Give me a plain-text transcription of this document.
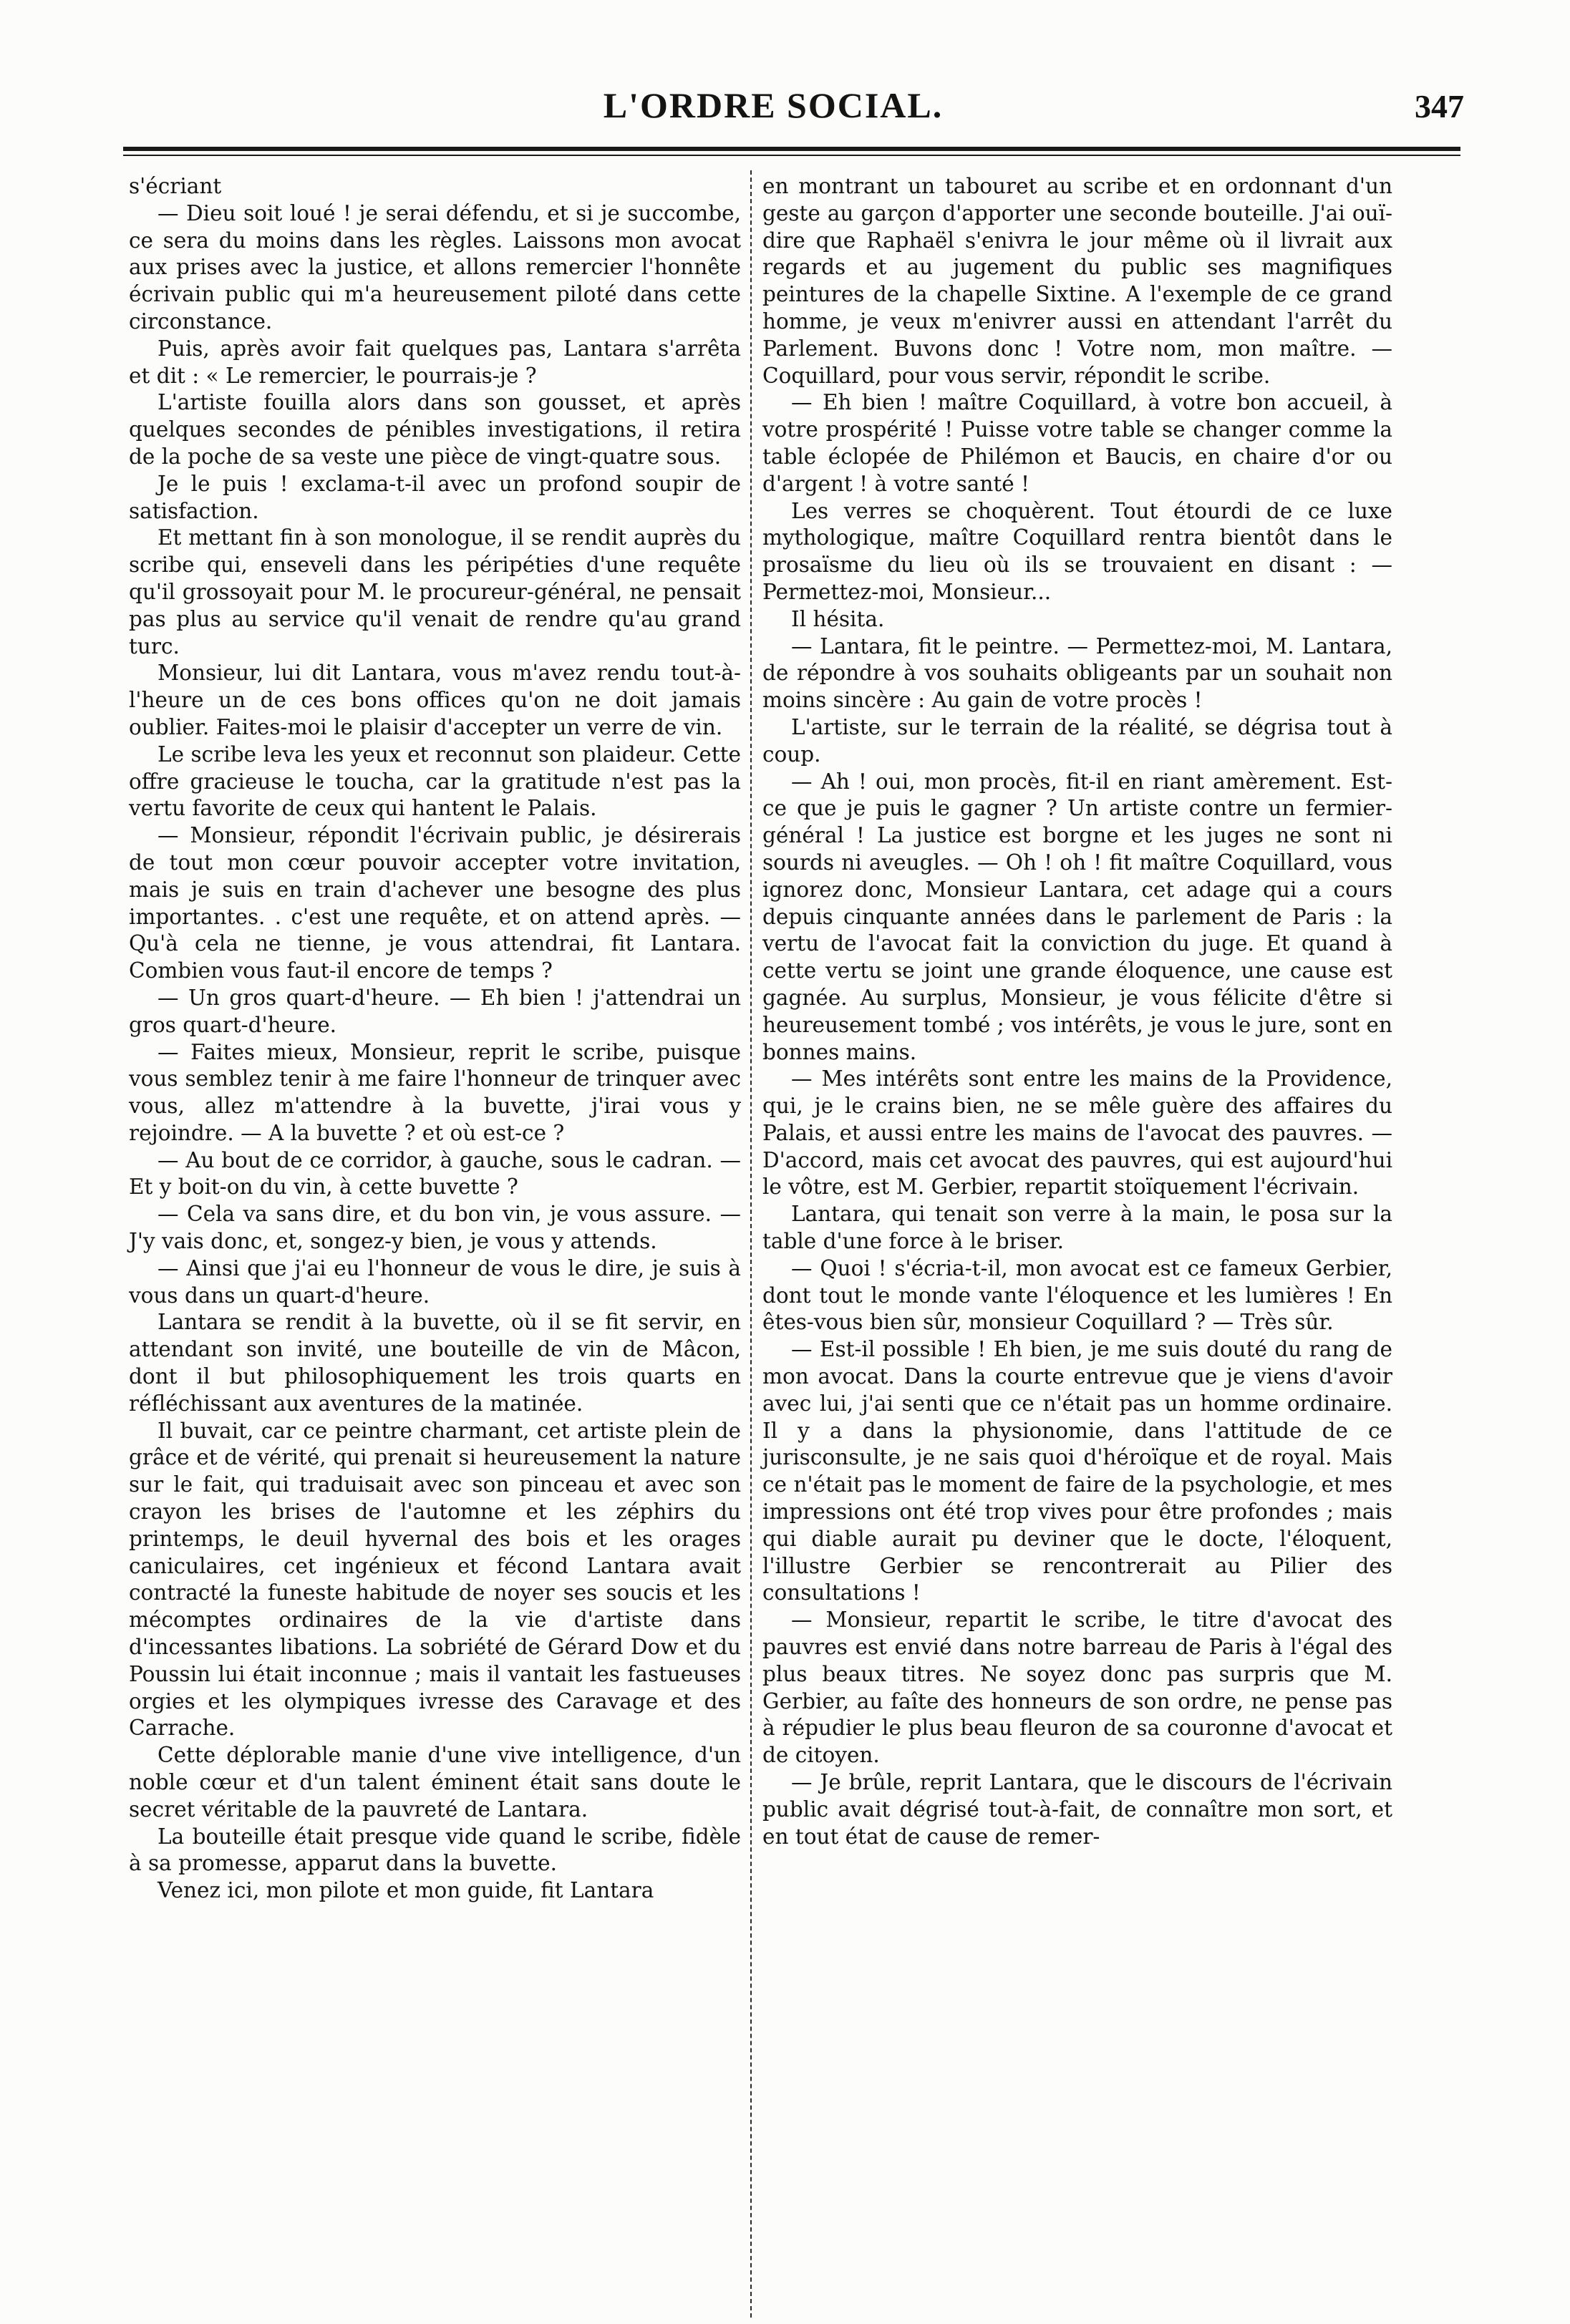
L'ORDRE SOCIAL.	347

s'écriant

— Dieu soit loué ! je serai défendu, et si je succombe, ce sera du moins dans les règles. Laissons mon avocat aux prises avec la justice, et allons remercier l'honnête écrivain public qui m'a heureusement piloté dans cette circonstance.

Puis, après avoir fait quelques pas, Lantara s'arrêta et dit : « Le remercier, le pourrais-je ?

L'artiste fouilla alors dans son gousset, et après quelques secondes de pénibles investigations, il retira de la poche de sa veste une pièce de vingt-quatre sous.

Je le puis ! exclama-t-il avec un profond soupir de satisfaction.

Et mettant fin à son monologue, il se rendit auprès du scribe qui, enseveli dans les péripéties d'une requête qu'il grossoyait pour M. le procureur-général, ne pensait pas plus au service qu'il venait de rendre qu'au grand turc.

Monsieur, lui dit Lantara, vous m'avez rendu tout-à-l'heure un de ces bons offices qu'on ne doit jamais oublier. Faites-moi le plaisir d'accepter un verre de vin.

Le scribe leva les yeux et reconnut son plaideur. Cette offre gracieuse le toucha, car la gratitude n'est pas la vertu favorite de ceux qui hantent le Palais.

— Monsieur, répondit l'écrivain public, je désirerais de tout mon cœur pouvoir accepter votre invitation, mais je suis en train d'achever une besogne des plus importantes. . c'est une requête, et on attend après. — Qu'à cela ne tienne, je vous attendrai, fit Lantara. Combien vous faut-il encore de temps ?

— Un gros quart-d'heure. — Eh bien ! j'attendrai un gros quart-d'heure.

— Faites mieux, Monsieur, reprit le scribe, puisque vous semblez tenir à me faire l'honneur de trinquer avec vous, allez m'attendre à la buvette, j'irai vous y rejoindre. — A la buvette ? et où est-ce ?

— Au bout de ce corridor, à gauche, sous le cadran. — Et y boit-on du vin, à cette buvette ?

— Cela va sans dire, et du bon vin, je vous assure. — J'y vais donc, et, songez-y bien, je vous y attends.

— Ainsi que j'ai eu l'honneur de vous le dire, je suis à vous dans un quart-d'heure.

Lantara se rendit à la buvette, où il se fit servir, en attendant son invité, une bouteille de vin de Mâcon, dont il but philosophiquement les trois quarts en réfléchissant aux aventures de la matinée.

Il buvait, car ce peintre charmant, cet artiste plein de grâce et de vérité, qui prenait si heureusement la nature sur le fait, qui traduisait avec son pinceau et avec son crayon les brises de l'automne et les zéphirs du printemps, le deuil hyvernal des bois et les orages caniculaires, cet ingénieux et fécond Lantara avait contracté la funeste habitude de noyer ses soucis et les mécomptes ordinaires de la vie d'artiste dans d'incessantes libations. La sobriété de Gérard Dow et du Poussin lui était inconnue ; mais il vantait les fastueuses orgies et les olympiques ivresse des Caravage et des Carrache.

Cette déplorable manie d'une vive intelligence, d'un noble cœur et d'un talent éminent était sans doute le secret véritable de la pauvreté de Lantara.

La bouteille était presque vide quand le scribe, fidèle à sa promesse, apparut dans la buvette.

Venez ici, mon pilote et mon guide, fit Lantara

en montrant un tabouret au scribe et en ordonnant d'un geste au garçon d'apporter une seconde bouteille. J'ai ouï-dire que Raphaël s'enivra le jour même où il livrait aux regards et au jugement du public ses magnifiques peintures de la chapelle Sixtine. A l'exemple de ce grand homme, je veux m'enivrer aussi en attendant l'arrêt du Parlement. Buvons donc ! Votre nom, mon maître. — Coquillard, pour vous servir, répondit le scribe.

— Eh bien ! maître Coquillard, à votre bon accueil, à votre prospérité ! Puisse votre table se changer comme la table éclopée de Philémon et Baucis, en chaire d'or ou d'argent ! à votre santé !

Les verres se choquèrent. Tout étourdi de ce luxe mythologique, maître Coquillard rentra bientôt dans le prosaïsme du lieu où ils se trouvaient en disant : — Permettez-moi, Monsieur...

Il hésita.

— Lantara, fit le peintre. — Permettez-moi, M. Lantara, de répondre à vos souhaits obligeants par un souhait non moins sincère : Au gain de votre procès !

L'artiste, sur le terrain de la réalité, se dégrisa tout à coup.

— Ah ! oui, mon procès, fit-il en riant amèrement. Est-ce que je puis le gagner ? Un artiste contre un fermier-général ! La justice est borgne et les juges ne sont ni sourds ni aveugles. — Oh ! oh ! fit maître Coquillard, vous ignorez donc, Monsieur Lantara, cet adage qui a cours depuis cinquante années dans le parlement de Paris : la vertu de l'avocat fait la conviction du juge. Et quand à cette vertu se joint une grande éloquence, une cause est gagnée. Au surplus, Monsieur, je vous félicite d'être si heureusement tombé ; vos intérêts, je vous le jure, sont en bonnes mains.

— Mes intérêts sont entre les mains de la Providence, qui, je le crains bien, ne se mêle guère des affaires du Palais, et aussi entre les mains de l'avocat des pauvres. — D'accord, mais cet avocat des pauvres, qui est aujourd'hui le vôtre, est M. Gerbier, repartit stoïquement l'écrivain.

Lantara, qui tenait son verre à la main, le posa sur la table d'une force à le briser.

— Quoi ! s'écria-t-il, mon avocat est ce fameux Gerbier, dont tout le monde vante l'éloquence et les lumières ! En êtes-vous bien sûr, monsieur Coquillard ? — Très sûr.

— Est-il possible ! Eh bien, je me suis douté du rang de mon avocat. Dans la courte entrevue que je viens d'avoir avec lui, j'ai senti que ce n'était pas un homme ordinaire. Il y a dans la physionomie, dans l'attitude de ce jurisconsulte, je ne sais quoi d'héroïque et de royal. Mais ce n'était pas le moment de faire de la psychologie, et mes impressions ont été trop vives pour être profondes ; mais qui diable aurait pu deviner que le docte, l'éloquent, l'illustre Gerbier se rencontrerait au Pilier des consultations !

— Monsieur, repartit le scribe, le titre d'avocat des pauvres est envié dans notre barreau de Paris à l'égal des plus beaux titres. Ne soyez donc pas surpris que M. Gerbier, au faîte des honneurs de son ordre, ne pense pas à répudier le plus beau fleuron de sa couronne d'avocat et de citoyen.

— Je brûle, reprit Lantara, que le discours de l'écrivain public avait dégrisé tout-à-fait, de connaître mon sort, et en tout état de cause de remer-
